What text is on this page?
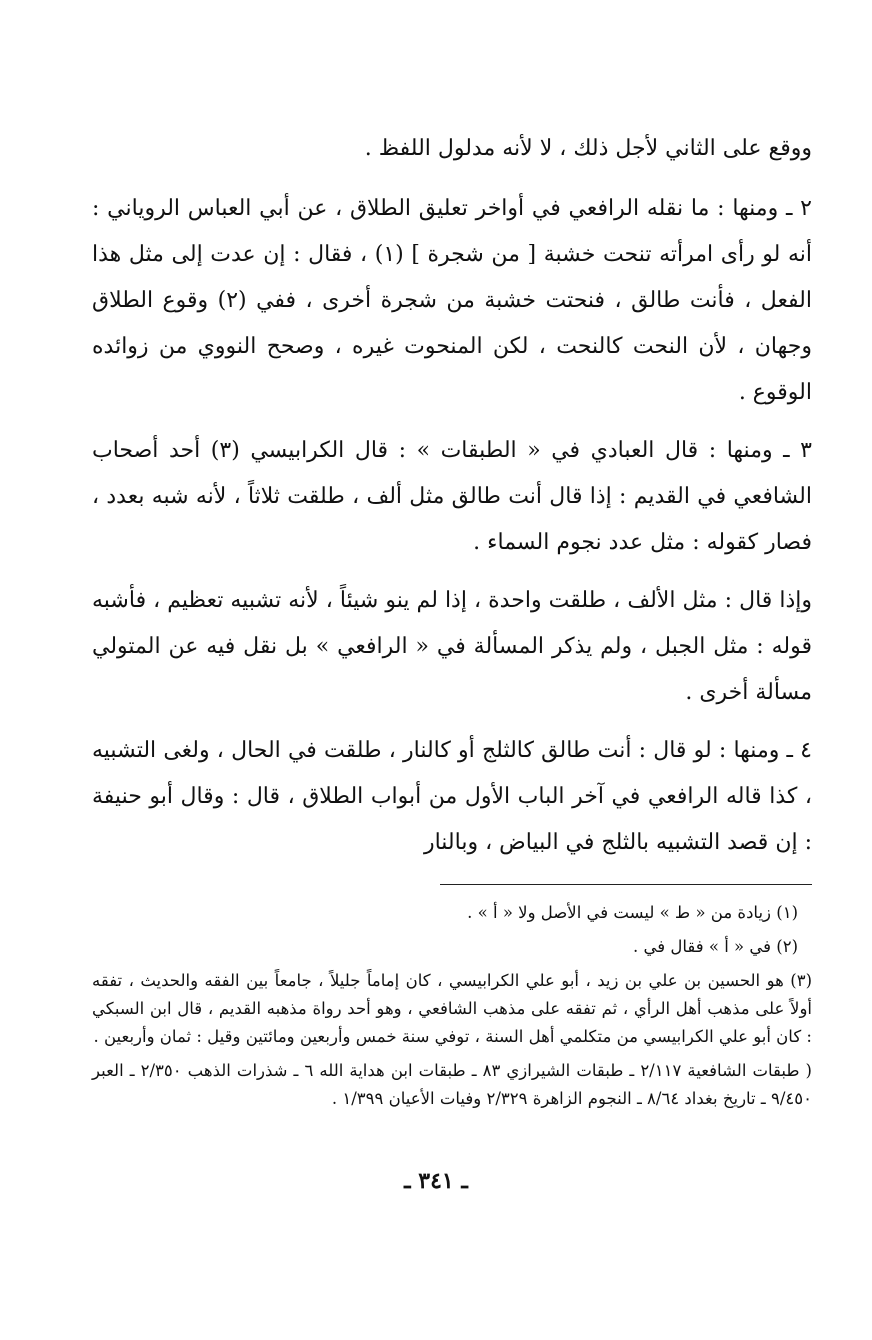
ووقع على الثاني لأجل ذلك ، لا لأنه مدلول اللفظ .

٢ ـ ومنها : ما نقله الرافعي في أواخر تعليق الطلاق ، عن أبي العباس الروياني : أنه لو رأى امرأته تنحت خشبة [ من شجرة ] (١) ، فقال : إن عدت إلى مثل هذا الفعل ، فأنت طالق ، فنحتت خشبة من شجرة أخرى ، ففي (٢) وقوع الطلاق وجهان ، لأن النحت كالنحت ، لكن المنحوت غيره ، وصحح النووي من زوائده الوقوع .

٣ ـ ومنها : قال العبادي في « الطبقات » : قال الكرابيسي (٣) أحد أصحاب الشافعي في القديم : إذا قال أنت طالق مثل ألف ، طلقت ثلاثاً ، لأنه شبه بعدد ، فصار كقوله : مثل عدد نجوم السماء .

وإذا قال : مثل الألف ، طلقت واحدة ، إذا لم ينو شيئاً ، لأنه تشبيه تعظيم ، فأشبه قوله : مثل الجبل ، ولم يذكر المسألة في « الرافعي » بل نقل فيه عن المتولي مسألة أخرى .

٤ ـ ومنها : لو قال : أنت طالق كالثلج أو كالنار ، طلقت في الحال ، ولغى التشبيه ، كذا قاله الرافعي في آخر الباب الأول من أبواب الطلاق ، قال : وقال أبو حنيفة : إن قصد التشبيه بالثلج في البياض ، وبالنار

(١) زيادة من « ط » ليست في الأصل ولا « أ » .

(٢) في « أ » فقال في .

(٣) هو الحسين بن علي بن زيد ، أبو علي الكرابيسي ، كان إماماً جليلاً ، جامعاً بين الفقه والحديث ، تفقه أولاً على مذهب أهل الرأي ، ثم تفقه على مذهب الشافعي ، وهو أحد رواة مذهبه القديم ، قال ابن السبكي : كان أبو علي الكرابيسي من متكلمي أهل السنة ، توفي سنة خمس وأربعين ومائتين وقيل : ثمان وأربعين .

( طبقات الشافعية ٢/١١٧ ـ طبقات الشيرازي ٨٣ ـ طبقات ابن هداية الله ٦ ـ شذرات الذهب ٢/٣٥٠ ـ العبر ٩/٤٥٠ ـ تاريخ بغداد ٨/٦٤ ـ النجوم الزاهرة ٢/٣٢٩ وفيات الأعيان ١/٣٩٩ .

ـ ٣٤١ ـ
